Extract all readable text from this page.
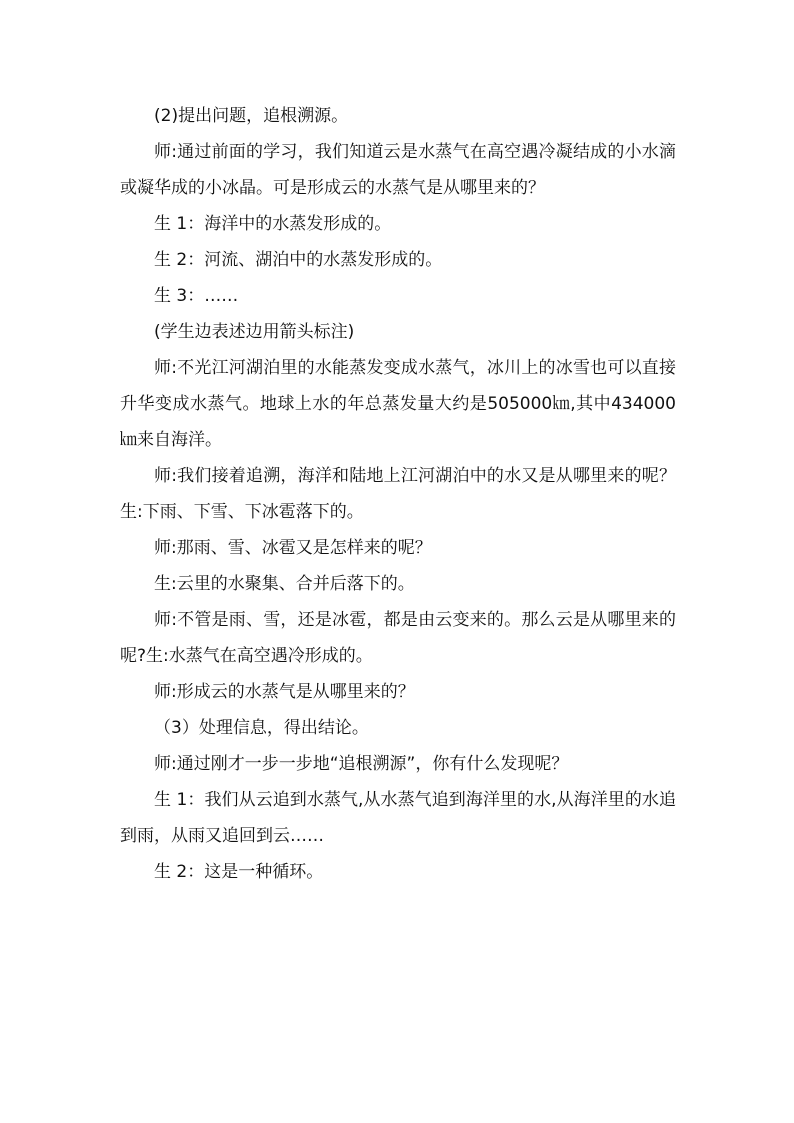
(2)提出问题，追根溯源。

师:通过前面的学习，我们知道云是水蒸气在高空遇冷凝结成的小水滴或凝华成的小冰晶。可是形成云的水蒸气是从哪里来的？

生 1：海洋中的水蒸发形成的。

生 2：河流、湖泊中的水蒸发形成的。

生 3：……

(学生边表述边用箭头标注)

师:不光江河湖泊里的水能蒸发变成水蒸气，冰川上的冰雪也可以直接升华变成水蒸气。地球上水的年总蒸发量大约是505000㎞,其中434000㎞来自海洋。

师:我们接着追溯，海洋和陆地上江河湖泊中的水又是从哪里来的呢？生:下雨、下雪、下冰雹落下的。

师:那雨、雪、冰雹又是怎样来的呢？

生:云里的水聚集、合并后落下的。

师:不管是雨、雪，还是冰雹，都是由云变来的。那么云是从哪里来的呢?生:水蒸气在高空遇冷形成的。

师:形成云的水蒸气是从哪里来的？

（3）处理信息，得出结论。

师:通过刚才一步一步地“追根溯源”，你有什么发现呢？

生 1：我们从云追到水蒸气,从水蒸气追到海洋里的水,从海洋里的水追到雨，从雨又追回到云……

生 2：这是一种循环。
